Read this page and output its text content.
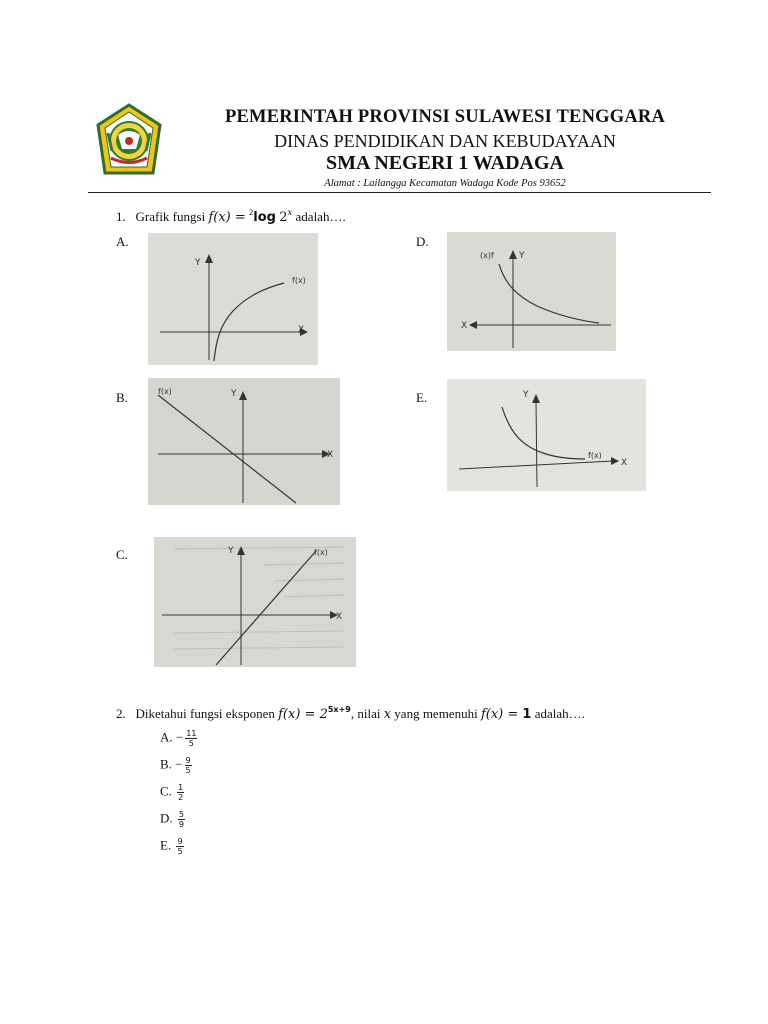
PEMERINTAH PROVINSI SULAWESI TENGGARA
DINAS PENDIDIKAN DAN KEBUDAYAAN
SMA NEGERI 1 WADAGA
Alamat : Lailangga Kecamatan Wadaga Kode Pos 93652
1. Grafik fungsi f(x) = $^2$log 2$^x$ adalah….
A.
B.
C.
D.
E.
Y
X
f(x)
Y
X
f(x)
Y
X
f(x)
Y
X
(x)f
Y
X
f(x)
2. Diketahui fungsi eksponen $f(x) = 2^{5x+9}$, nilai x yang memenuhi f(x) = 1 adalah….
A. − $\frac{11}{5}$
B. − $\frac{9}{5}$
C. $\frac{1}{2}$
D. $\frac{5}{9}$
E. $\frac{9}{5}$
